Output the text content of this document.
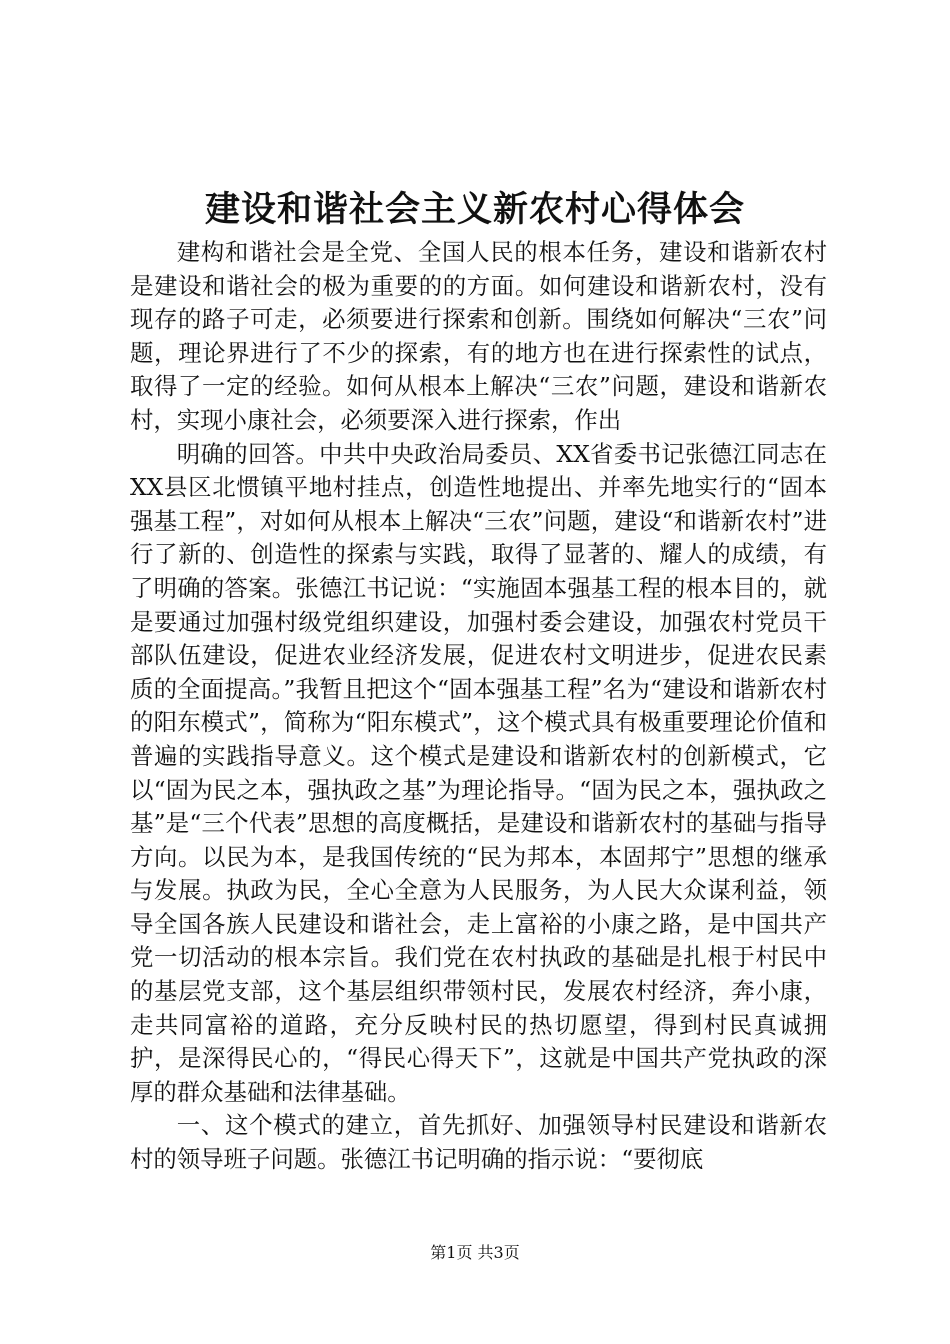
建设和谐社会主义新农村心得体会

建构和谐社会是全党、全国人民的根本任务，建设和谐新农村是建设和谐社会的极为重要的的方面。如何建设和谐新农村，没有现存的路子可走，必须要进行探索和创新。围绕如何解决“三农”问题，理论界进行了不少的探索，有的地方也在进行探索性的试点，取得了一定的经验。如何从根本上解决“三农”问题，建设和谐新农村，实现小康社会，必须要深入进行探索，作出

明确的回答。中共中央政治局委员、XX省委书记张德江同志在XX县区北惯镇平地村挂点，创造性地提出、并率先地实行的“固本强基工程”，对如何从根本上解决“三农”问题，建设“和谐新农村”进行了新的、创造性的探索与实践，取得了显著的、耀人的成绩，有了明确的答案。张德江书记说：“实施固本强基工程的根本目的，就是要通过加强村级党组织建设，加强村委会建设，加强农村党员干部队伍建设，促进农业经济发展，促进农村文明进步，促进农民素质的全面提高。”我暂且把这个“固本强基工程”名为“建设和谐新农村的阳东模式”，简称为“阳东模式”，这个模式具有极重要理论价值和普遍的实践指导意义。这个模式是建设和谐新农村的创新模式，它以“固为民之本，强执政之基”为理论指导。“固为民之本，强执政之基”是“三个代表”思想的高度概括，是建设和谐新农村的基础与指导方向。以民为本，是我国传统的“民为邦本，本固邦宁”思想的继承与发展。执政为民，全心全意为人民服务，为人民大众谋利益，领导全国各族人民建设和谐社会，走上富裕的小康之路，是中国共产党一切活动的根本宗旨。我们党在农村执政的基础是扎根于村民中的基层党支部，这个基层组织带领村民，发展农村经济，奔小康，走共同富裕的道路，充分反映村民的热切愿望，得到村民真诚拥护，是深得民心的，“得民心得天下”，这就是中国共产党执政的深厚的群众基础和法律基础。

一、这个模式的建立，首先抓好、加强领导村民建设和谐新农村的领导班子问题。张德江书记明确的指示说：“要彻底

第1页 共3页
